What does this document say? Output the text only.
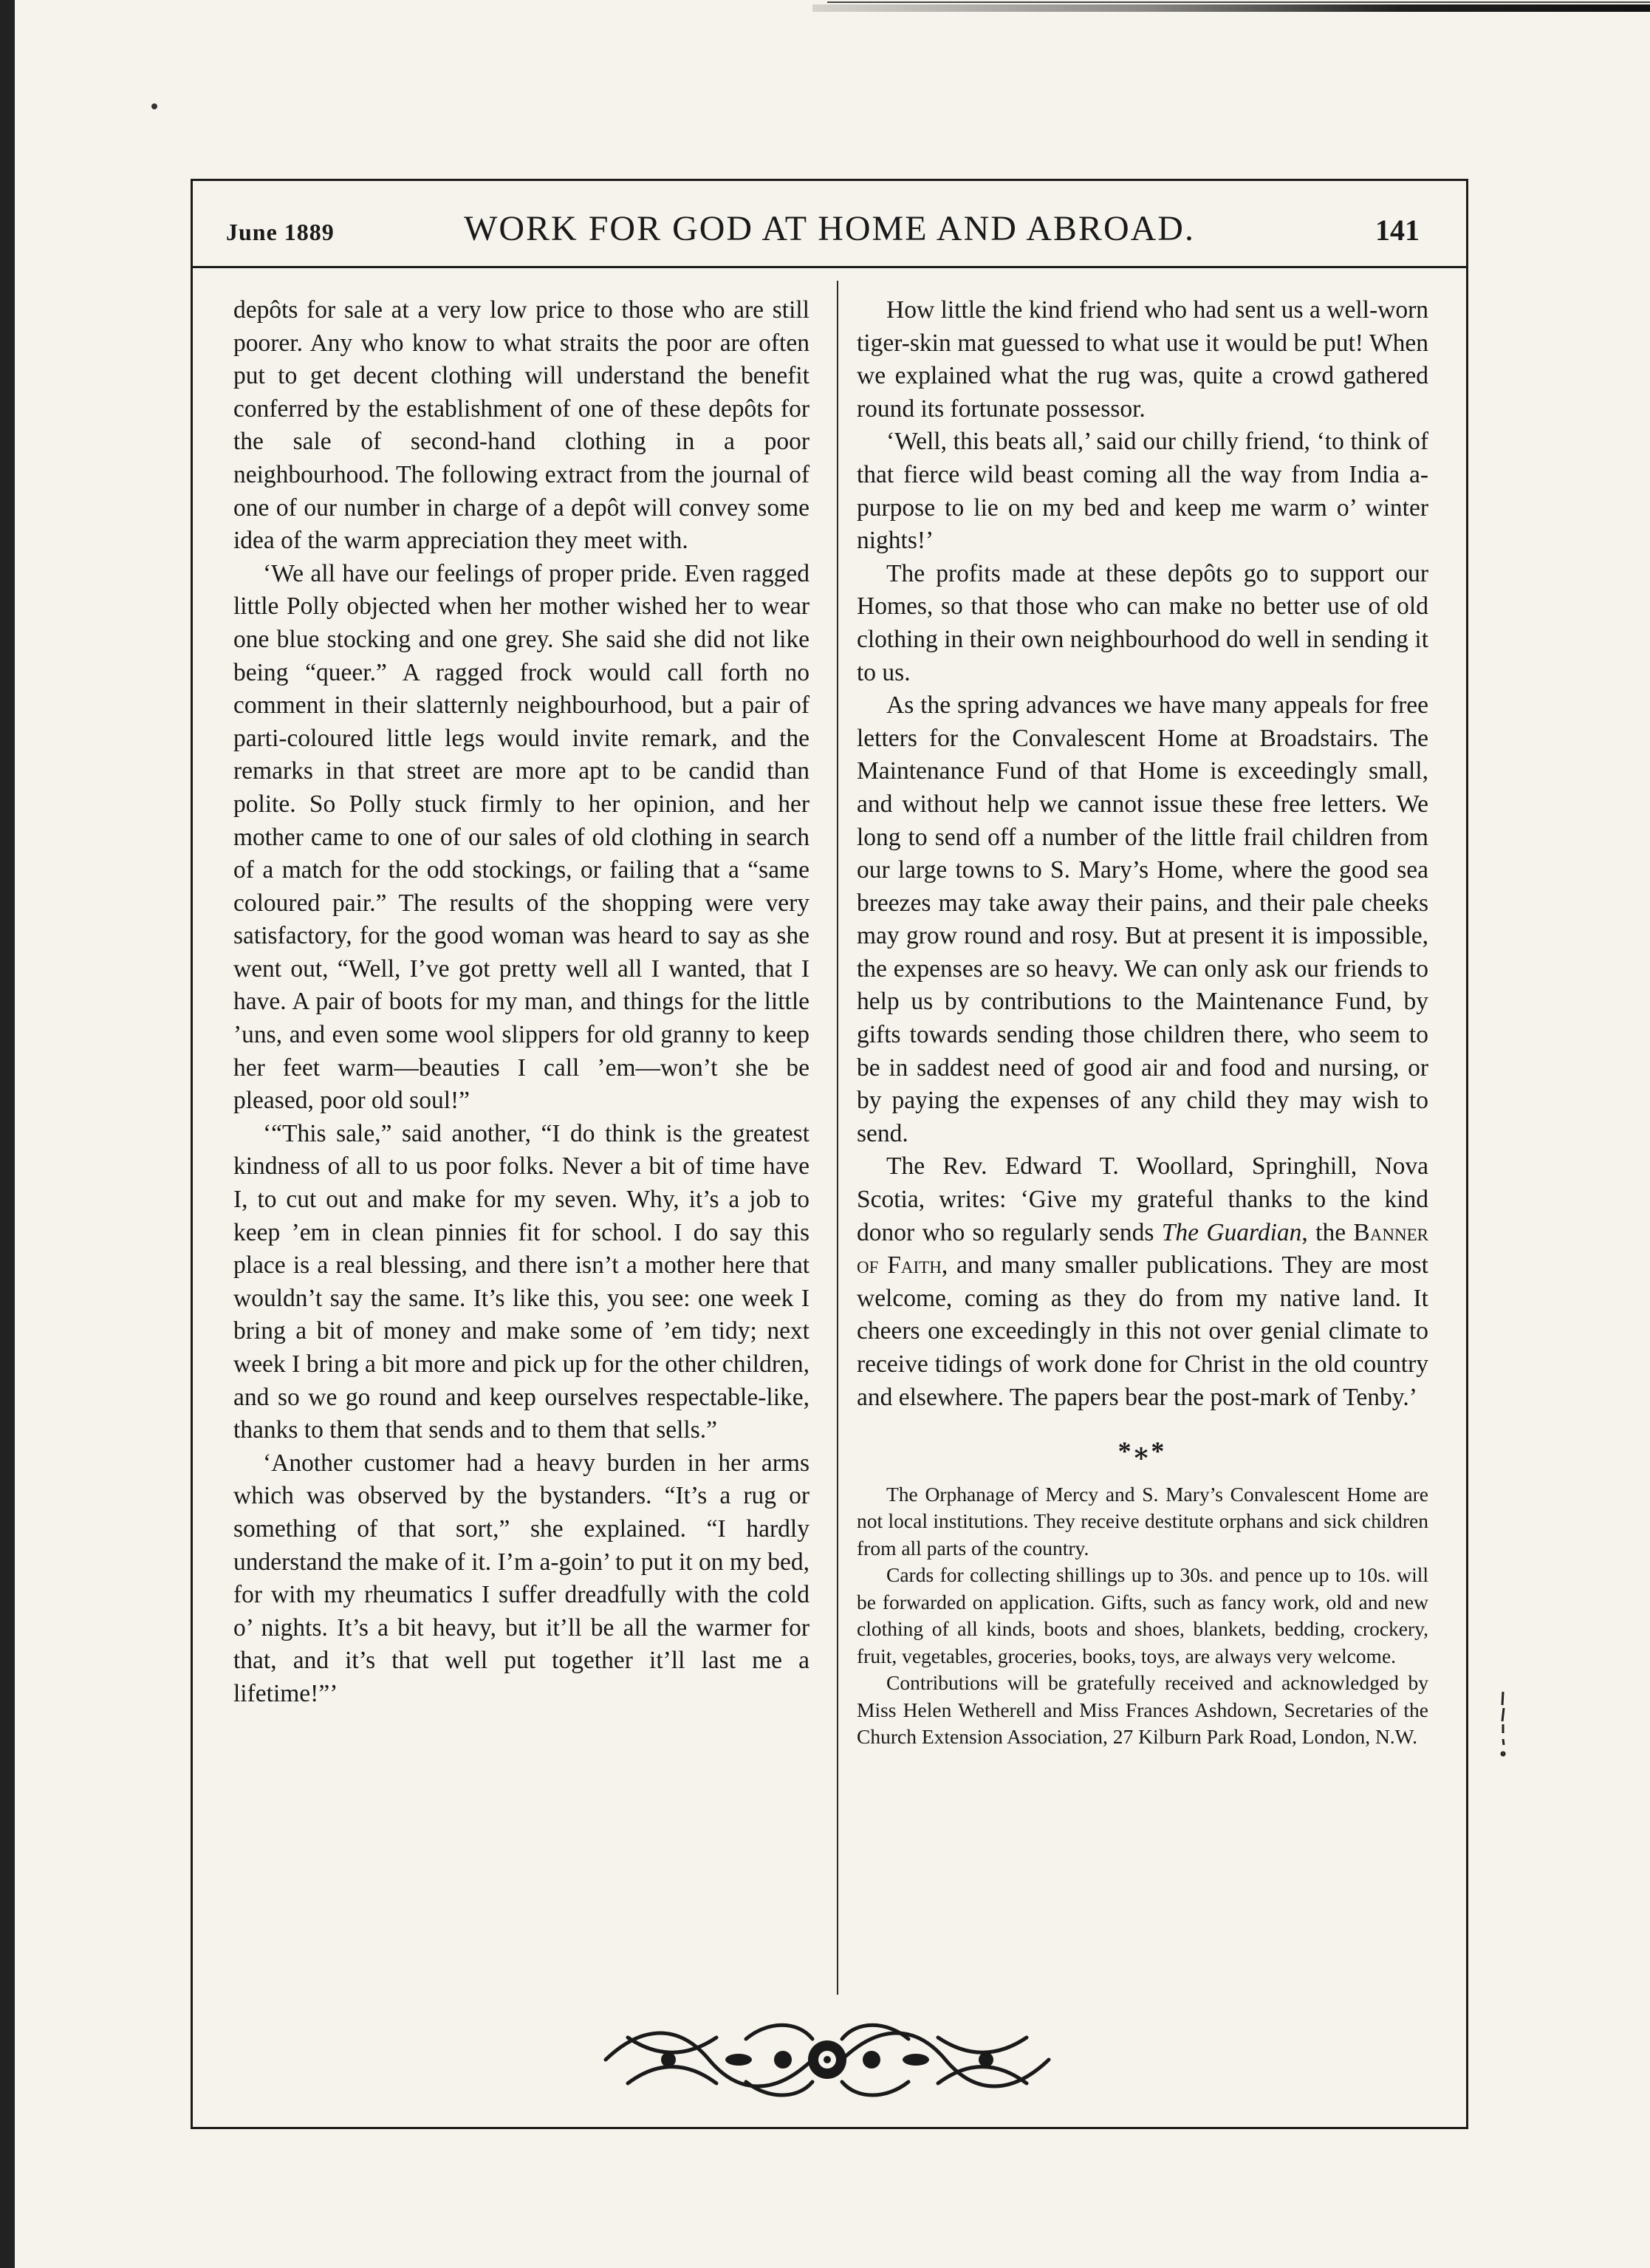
June 1889	WORK FOR GOD AT HOME AND ABROAD.	141

depôts for sale at a very low price to those who are still poorer. Any who know to what straits the poor are often put to get decent clothing will understand the benefit conferred by the establishment of one of these depôts for the sale of second-hand clothing in a poor neighbourhood. The following extract from the journal of one of our number in charge of a depôt will convey some idea of the warm appreciation they meet with.

‘We all have our feelings of proper pride. Even ragged little Polly objected when her mother wished her to wear one blue stocking and one grey. She said she did not like being “queer.” A ragged frock would call forth no comment in their slatternly neighbourhood, but a pair of parti-coloured little legs would invite remark, and the remarks in that street are more apt to be candid than polite. So Polly stuck firmly to her opinion, and her mother came to one of our sales of old clothing in search of a match for the odd stockings, or failing that a “same coloured pair.” The results of the shopping were very satisfactory, for the good woman was heard to say as she went out, “Well, I’ve got pretty well all I wanted, that I have. A pair of boots for my man, and things for the little ’uns, and even some wool slippers for old granny to keep her feet warm—beauties I call ’em—won’t she be pleased, poor old soul!”

‘“This sale,” said another, “I do think is the greatest kindness of all to us poor folks. Never a bit of time have I, to cut out and make for my seven. Why, it’s a job to keep ’em in clean pinnies fit for school. I do say this place is a real blessing, and there isn’t a mother here that wouldn’t say the same. It’s like this, you see: one week I bring a bit of money and make some of ’em tidy; next week I bring a bit more and pick up for the other children, and so we go round and keep ourselves respectable-like, thanks to them that sends and to them that sells.”

‘Another customer had a heavy burden in her arms which was observed by the bystanders. “It’s a rug or something of that sort,” she explained. “I hardly understand the make of it. I’m a-goin’ to put it on my bed, for with my rheumatics I suffer dreadfully with the cold o’ nights. It’s a bit heavy, but it’ll be all the warmer for that, and it’s that well put together it’ll last me a lifetime!”’

How little the kind friend who had sent us a well-worn tiger-skin mat guessed to what use it would be put! When we explained what the rug was, quite a crowd gathered round its fortunate possessor.

‘Well, this beats all,’ said our chilly friend, ‘to think of that fierce wild beast coming all the way from India a-purpose to lie on my bed and keep me warm o’ winter nights!’

The profits made at these depôts go to support our Homes, so that those who can make no better use of old clothing in their own neighbourhood do well in sending it to us.

As the spring advances we have many appeals for free letters for the Convalescent Home at Broadstairs. The Maintenance Fund of that Home is exceedingly small, and without help we cannot issue these free letters. We long to send off a number of the little frail children from our large towns to S. Mary’s Home, where the good sea breezes may take away their pains, and their pale cheeks may grow round and rosy. But at present it is impossible, the expenses are so heavy. We can only ask our friends to help us by contributions to the Maintenance Fund, by gifts towards sending those children there, who seem to be in saddest need of good air and food and nursing, or by paying the expenses of any child they may wish to send.

The Rev. Edward T. Woollard, Springhill, Nova Scotia, writes: ‘Give my grateful thanks to the kind donor who so regularly sends The Guardian, the Banner of Faith, and many smaller publications. They are most welcome, coming as they do from my native land. It cheers one exceedingly in this not over genial climate to receive tidings of work done for Christ in the old country and elsewhere. The papers bear the post-mark of Tenby.’

*⁎*

The Orphanage of Mercy and S. Mary’s Convalescent Home are not local institutions. They receive destitute orphans and sick children from all parts of the country.

Cards for collecting shillings up to 30s. and pence up to 10s. will be forwarded on application. Gifts, such as fancy work, old and new clothing of all kinds, boots and shoes, blankets, bedding, crockery, fruit, vegetables, groceries, books, toys, are always very welcome.

Contributions will be gratefully received and acknowledged by Miss Helen Wetherell and Miss Frances Ashdown, Secretaries of the Church Extension Association, 27 Kilburn Park Road, London, N.W.
